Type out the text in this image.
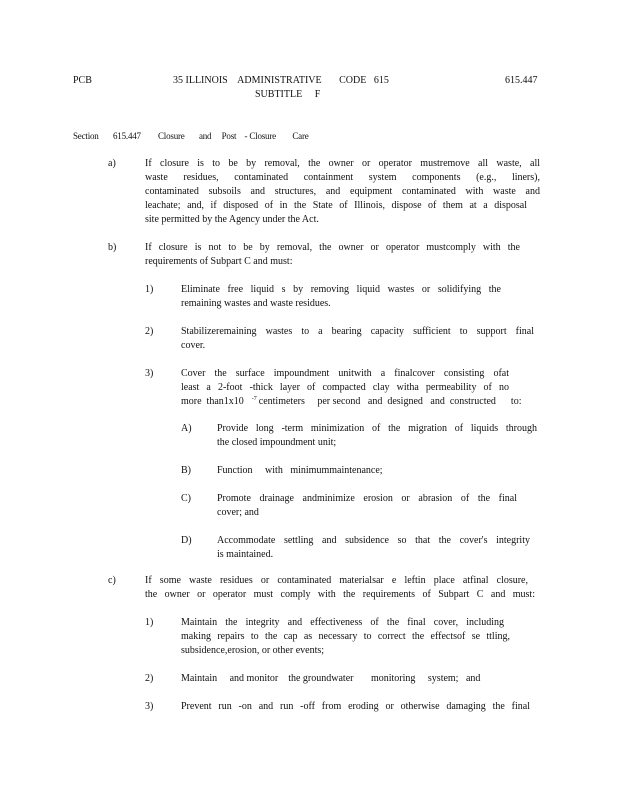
PCB	35 ILLINOIS    ADMINISTRATIVE       CODE   615
SUBTITLE     F
615.447
Section 615.447 Closure       and     Post    - Closure        Care
a)	If closure is to be by removal, the owner or operator mustremove all waste, all
waste residues, contaminated containment system components (e.g., liners),
contaminated subsoils and structures, and equipment contaminated with waste and
leachate; and, if disposed of in the State of Illinois, dispose of them at a disposal
site permitted by the Agency under the Act.
b)	If closure is not to be by removal, the owner or operator mustcomply with the
requirements of Subpart C and must:
1)	Eliminate free liquid s by removing liquid wastes or solidifying the
remaining wastes and waste residues.
2)	Stabilizeremaining wastes to a bearing capacity sufficient to support final
cover.
3)	Cover the surface impoundment unitwith a finalcover consisting ofat
least a 2-foot -thick layer of compacted clay witha permeability of no
more  than1x10 $^{-7}$ centimeters     per second   and  designed   and  constructed      to:
A)	Provide long -term minimization of the migration of liquids through
the closed impoundment unit;
B)	Function     with   minimummaintenance;
C)	Promote drainage andminimize erosion or abrasion of the final
cover; and
D)	Accommodate settling and subsidence so that the cover's integrity
is maintained.
c)	If some waste residues or contaminated materialsar e leftin place atfinal closure,
the owner or operator must comply with the requirements of Subpart C and must:
1)	Maintain the integrity and effectiveness of the final cover, including
making repairs to the cap as necessary to correct the effectsof se ttling,
subsidence,erosion, or other events;
2)	Maintain     and monitor    the groundwater       monitoring     system;   and
3)	Prevent run -on and run -off from eroding or otherwise damaging the final
